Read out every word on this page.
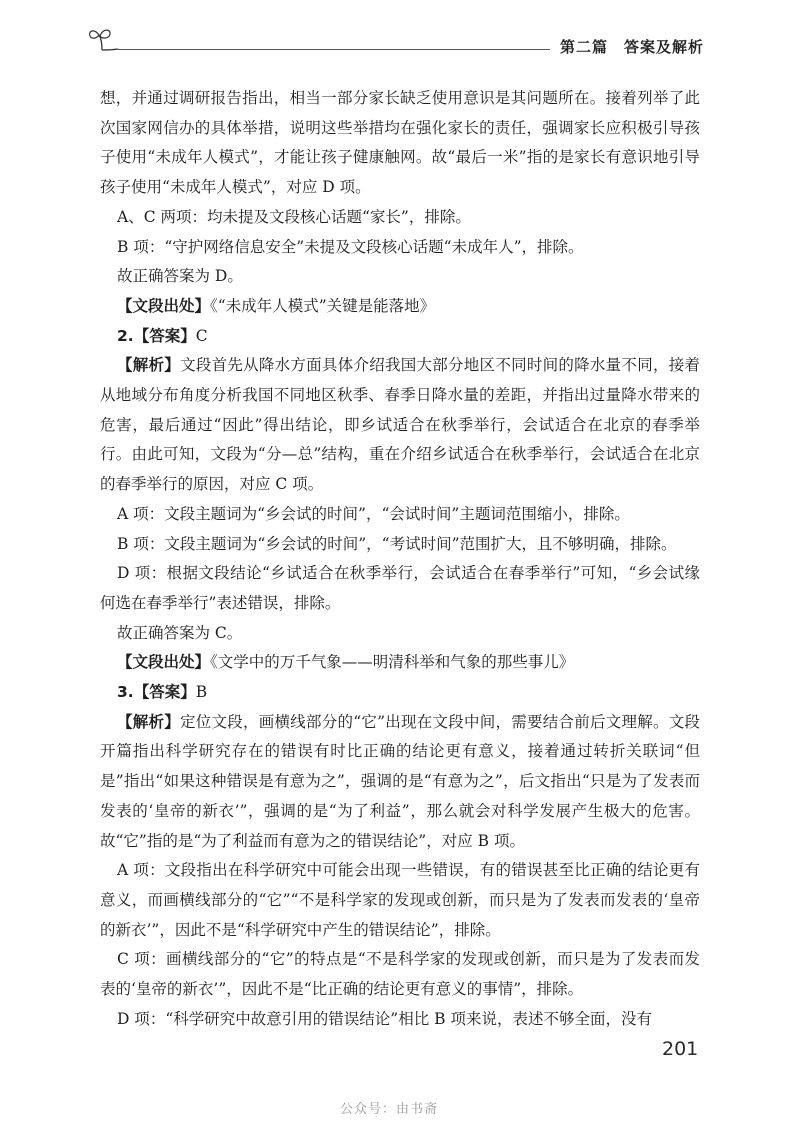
第二篇　答案及解析

想，并通过调研报告指出，相当一部分家长缺乏使用意识是其问题所在。接着列举了此次国家网信办的具体举措，说明这些举措均在强化家长的责任，强调家长应积极引导孩子使用“未成年人模式”，才能让孩子健康触网。故“最后一米”指的是家长有意识地引导孩子使用“未成年人模式”，对应 D 项。

A、C 两项：均未提及文段核心话题“家长”，排除。

B 项：“守护网络信息安全”未提及文段核心话题“未成年人”，排除。

故正确答案为 D。

【文段出处】《“未成年人模式”关键是能落地》

2.【答案】C

【解析】文段首先从降水方面具体介绍我国大部分地区不同时间的降水量不同，接着从地域分布角度分析我国不同地区秋季、春季日降水量的差距，并指出过量降水带来的危害，最后通过“因此”得出结论，即乡试适合在秋季举行，会试适合在北京的春季举行。由此可知，文段为“分—总”结构，重在介绍乡试适合在秋季举行，会试适合在北京的春季举行的原因，对应 C 项。

A 项：文段主题词为“乡会试的时间”，“会试时间”主题词范围缩小，排除。

B 项：文段主题词为“乡会试的时间”，“考试时间”范围扩大，且不够明确，排除。

D 项：根据文段结论“乡试适合在秋季举行，会试适合在春季举行”可知，“乡会试缘何选在春季举行”表述错误，排除。

故正确答案为 C。

【文段出处】《文学中的万千气象——明清科举和气象的那些事儿》

3.【答案】B

【解析】定位文段，画横线部分的“它”出现在文段中间，需要结合前后文理解。文段开篇指出科学研究存在的错误有时比正确的结论更有意义，接着通过转折关联词“但是”指出“如果这种错误是有意为之”，强调的是“有意为之”，后文指出“只是为了发表而发表的‘皇帝的新衣’”，强调的是“为了利益”，那么就会对科学发展产生极大的危害。故“它”指的是“为了利益而有意为之的错误结论”，对应 B 项。

A 项：文段指出在科学研究中可能会出现一些错误，有的错误甚至比正确的结论更有意义，而画横线部分的“它”“不是科学家的发现或创新，而只是为了发表而发表的‘皇帝的新衣’”，因此不是“科学研究中产生的错误结论”，排除。

C 项：画横线部分的“它”的特点是“不是科学家的发现或创新，而只是为了发表而发表的‘皇帝的新衣’”，因此不是“比正确的结论更有意义的事情”，排除。

D 项：“科学研究中故意引用的错误结论”相比 B 项来说，表述不够全面，没有

201
公众号：由书斋
